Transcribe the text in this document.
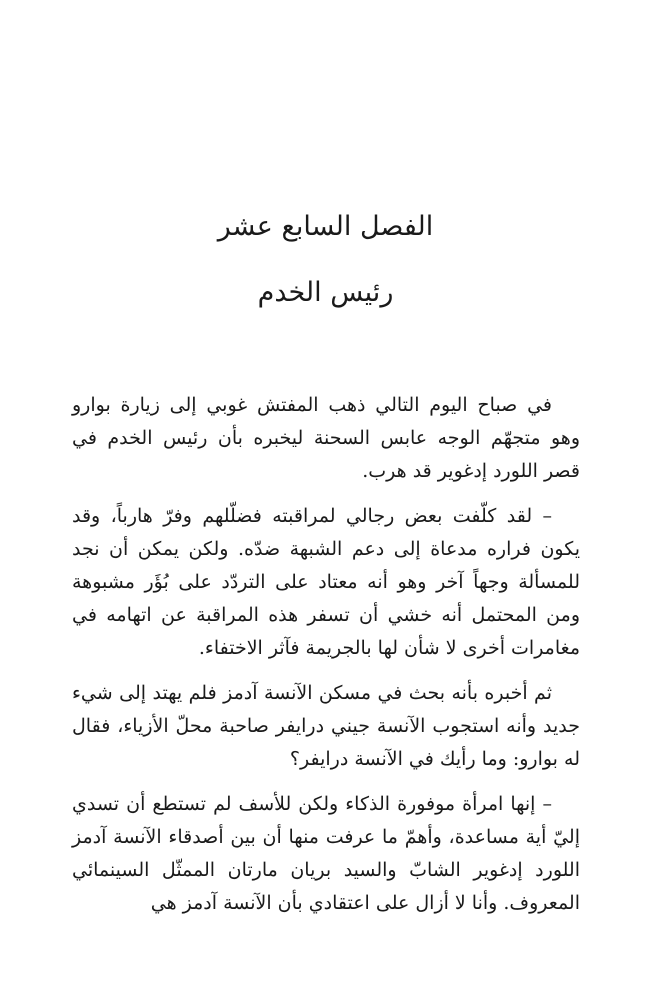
الفصل السابع عشر
رئيس الخدم

في صباح اليوم التالي ذهب المفتش غوبي إلى زيارة بوارو وهو متجهّم الوجه عابس السحنة ليخبره بأن رئيس الخدم في قصر اللورد إدغوير قد هرب.

– لقد كلّفت بعض رجالي لمراقبته فضلّلهم وفرّ هارباً، وقد يكون فراره مدعاة إلى دعم الشبهة ضدّه. ولكن يمكن أن نجد للمسألة وجهاً آخر وهو أنه معتاد على التردّد على بُؤَر مشبوهة ومن المحتمل أنه خشي أن تسفر هذه المراقبة عن اتهامه في مغامرات أخرى لا شأن لها بالجريمة فآثر الاختفاء.

ثم أخبره بأنه بحث في مسكن الآنسة آدمز فلم يهتد إلى شيء جديد وأنه استجوب الآنسة جيني درايفر صاحبة محلّ الأزياء، فقال له بوارو: وما رأيك في الآنسة درايفر؟

– إنها امرأة موفورة الذكاء ولكن للأسف لم تستطع أن تسدي إليّ أية مساعدة، وأهمّ ما عرفت منها أن بين أصدقاء الآنسة آدمز اللورد إدغوير الشابّ والسيد بريان مارتان الممثّل السينمائي المعروف. وأنا لا أزال على اعتقادي بأن الآنسة آدمز هي
